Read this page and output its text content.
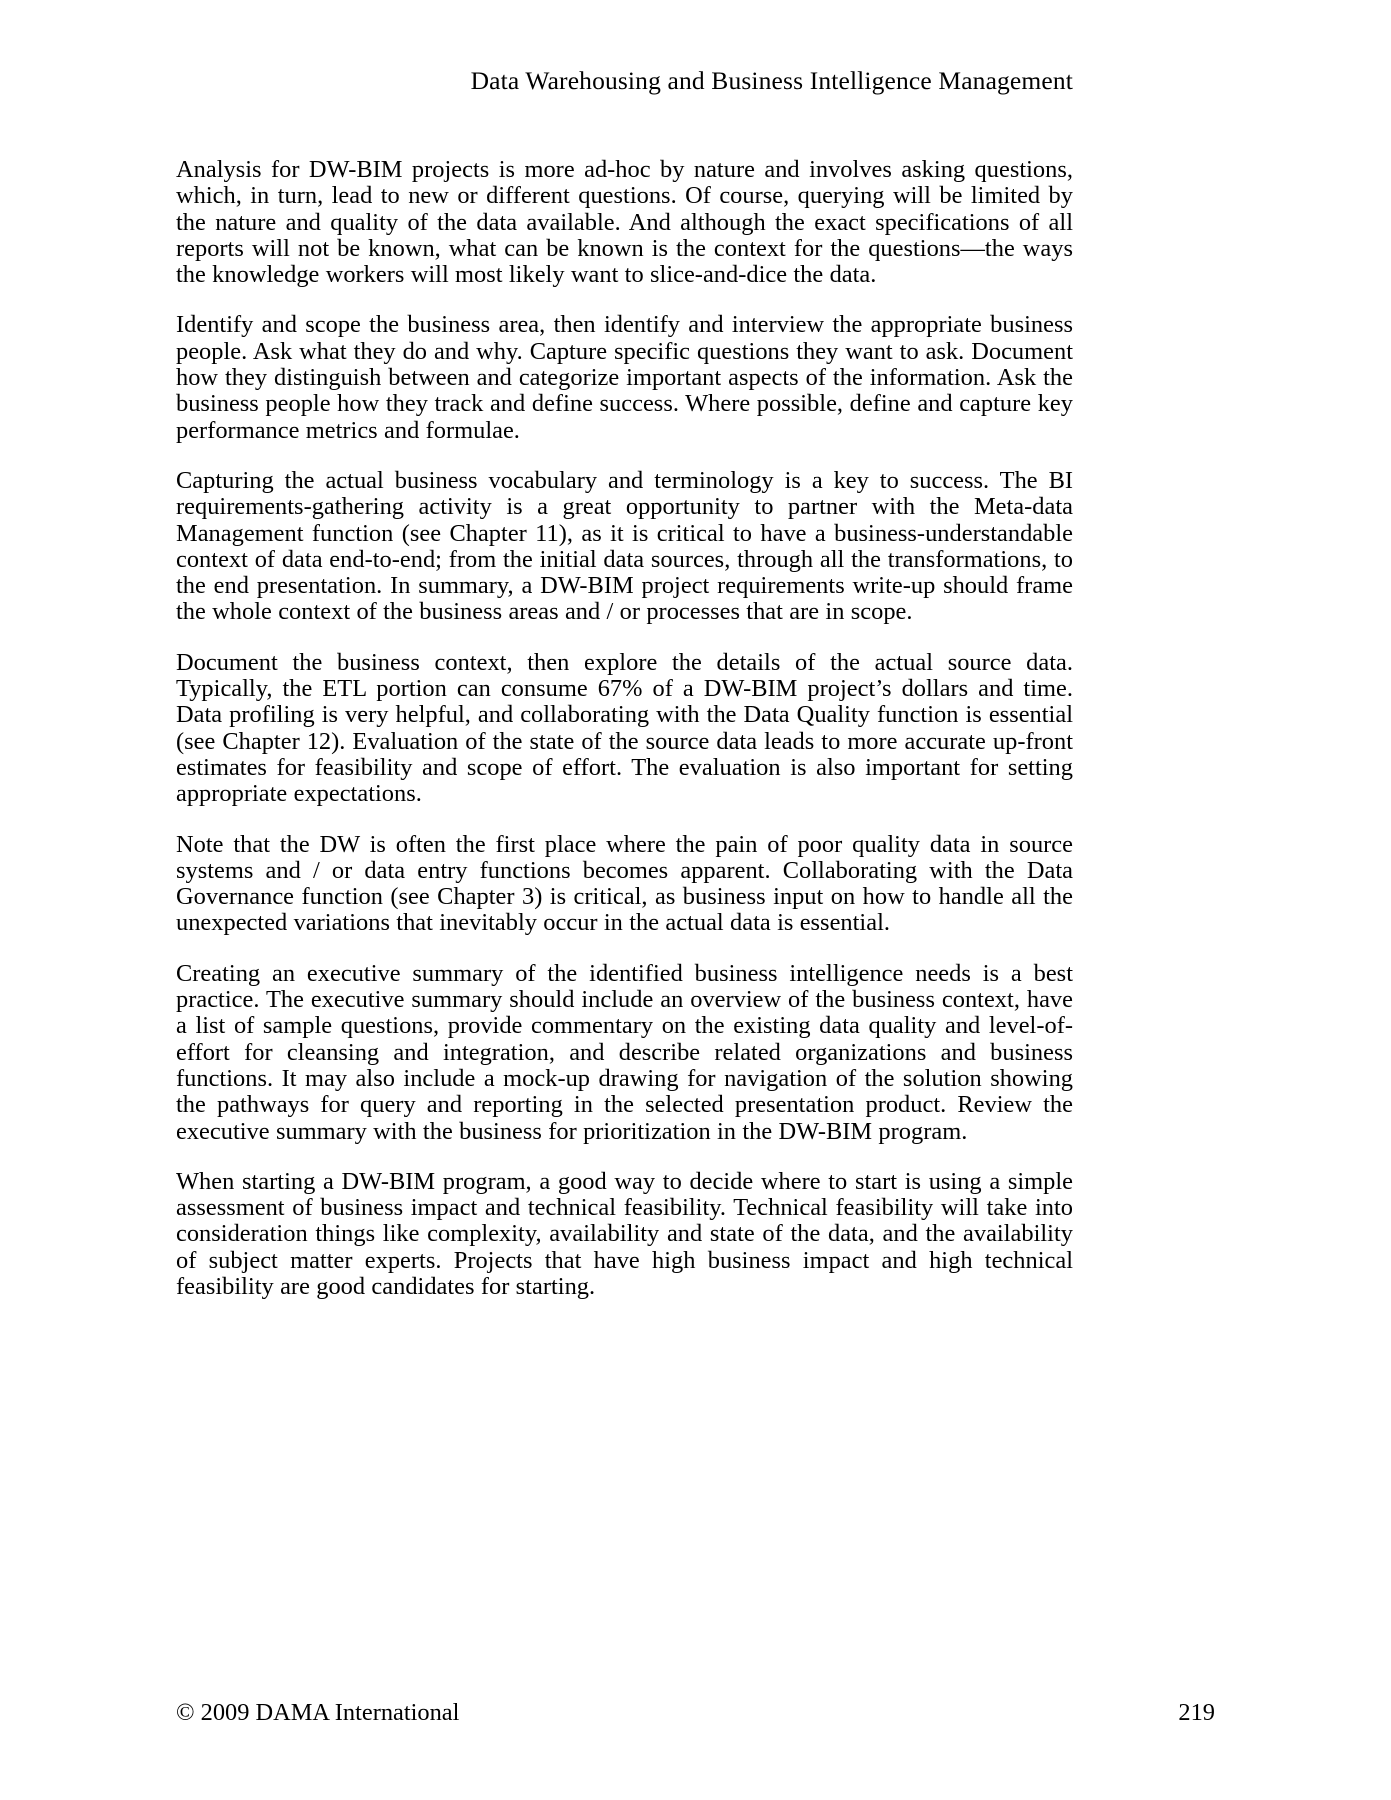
Data Warehousing and Business Intelligence Management

Analysis for DW-BIM projects is more ad-hoc by nature and involves asking questions, which, in turn, lead to new or different questions. Of course, querying will be limited by the nature and quality of the data available. And although the exact specifications of all reports will not be known, what can be known is the context for the questions—the ways the knowledge workers will most likely want to slice-and-dice the data.

Identify and scope the business area, then identify and interview the appropriate business people. Ask what they do and why. Capture specific questions they want to ask. Document how they distinguish between and categorize important aspects of the information. Ask the business people how they track and define success. Where possible, define and capture key performance metrics and formulae.

Capturing the actual business vocabulary and terminology is a key to success. The BI requirements-gathering activity is a great opportunity to partner with the Meta-data Management function (see Chapter 11), as it is critical to have a business-understandable context of data end-to-end; from the initial data sources, through all the transformations, to the end presentation. In summary, a DW-BIM project requirements write-up should frame the whole context of the business areas and / or processes that are in scope.

Document the business context, then explore the details of the actual source data. Typically, the ETL portion can consume 67% of a DW-BIM project’s dollars and time. Data profiling is very helpful, and collaborating with the Data Quality function is essential (see Chapter 12). Evaluation of the state of the source data leads to more accurate up-front estimates for feasibility and scope of effort. The evaluation is also important for setting appropriate expectations.

Note that the DW is often the first place where the pain of poor quality data in source systems and / or data entry functions becomes apparent. Collaborating with the Data Governance function (see Chapter 3) is critical, as business input on how to handle all the unexpected variations that inevitably occur in the actual data is essential.

Creating an executive summary of the identified business intelligence needs is a best practice. The executive summary should include an overview of the business context, have a list of sample questions, provide commentary on the existing data quality and level-of-effort for cleansing and integration, and describe related organizations and business functions. It may also include a mock-up drawing for navigation of the solution showing the pathways for query and reporting in the selected presentation product. Review the executive summary with the business for prioritization in the DW-BIM program.

When starting a DW-BIM program, a good way to decide where to start is using a simple assessment of business impact and technical feasibility. Technical feasibility will take into consideration things like complexity, availability and state of the data, and the availability of subject matter experts. Projects that have high business impact and high technical feasibility are good candidates for starting.

© 2009 DAMA International	219
